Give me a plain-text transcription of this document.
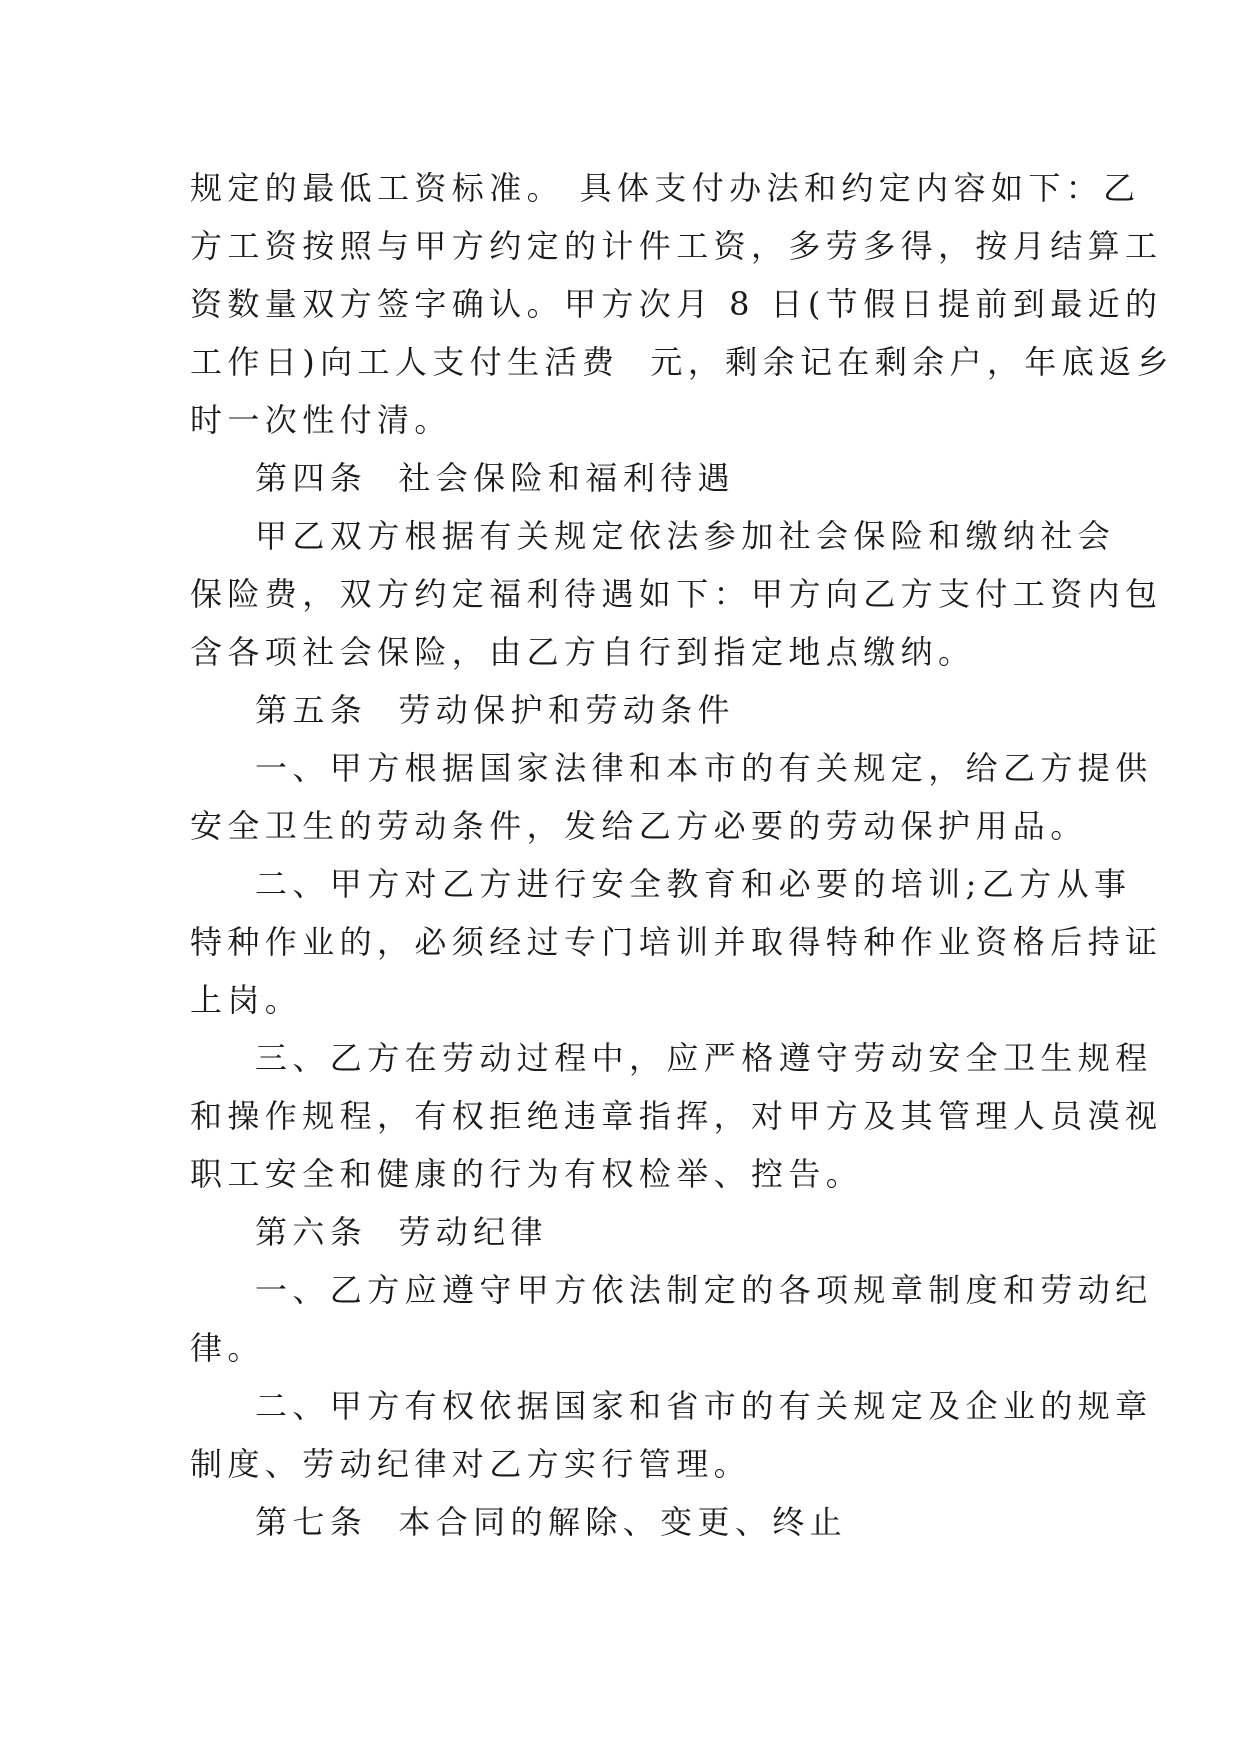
规定的最低工资标准。 具体支付办法和约定内容如下：乙
方工资按照与甲方约定的计件工资，多劳多得，按月结算工
资数量双方签字确认。甲方次月 8 日(节假日提前到最近的
工作日)向工人支付生活费  元，剩余记在剩余户，年底返乡
时一次性付清。
第四条  社会保险和福利待遇
甲乙双方根据有关规定依法参加社会保险和缴纳社会
保险费，双方约定福利待遇如下：甲方向乙方支付工资内包
含各项社会保险，由乙方自行到指定地点缴纳。
第五条  劳动保护和劳动条件
一、甲方根据国家法律和本市的有关规定，给乙方提供
安全卫生的劳动条件，发给乙方必要的劳动保护用品。
二、甲方对乙方进行安全教育和必要的培训;乙方从事
特种作业的，必须经过专门培训并取得特种作业资格后持证
上岗。
三、乙方在劳动过程中，应严格遵守劳动安全卫生规程
和操作规程，有权拒绝违章指挥，对甲方及其管理人员漠视
职工安全和健康的行为有权检举、控告。
第六条  劳动纪律
一、乙方应遵守甲方依法制定的各项规章制度和劳动纪
律。
二、甲方有权依据国家和省市的有关规定及企业的规章
制度、劳动纪律对乙方实行管理。
第七条  本合同的解除、变更、终止
